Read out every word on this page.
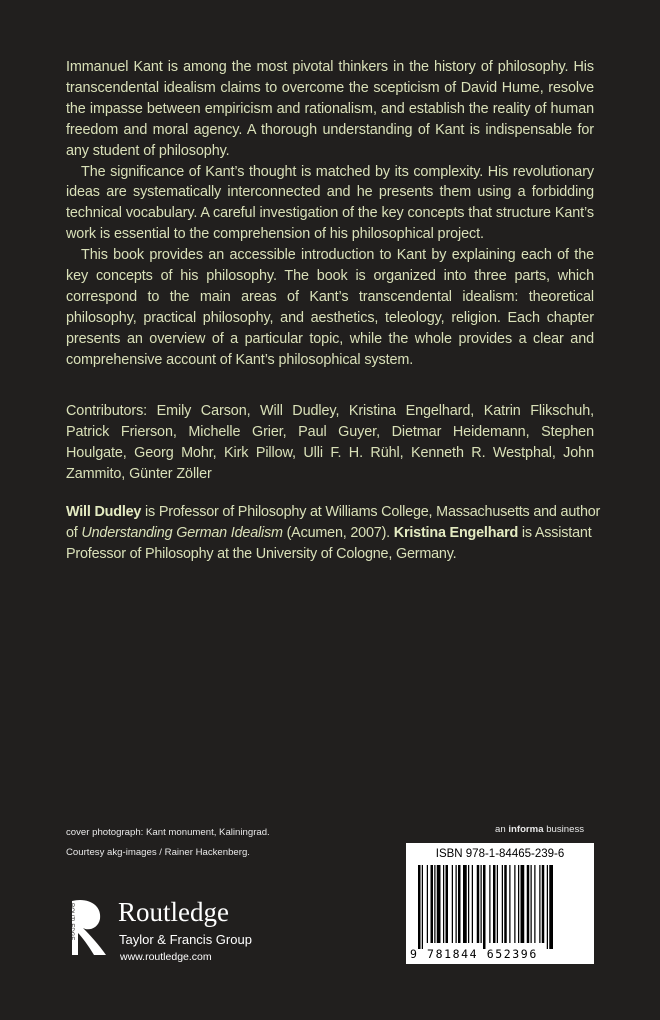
Immanuel Kant is among the most pivotal thinkers in the history of philosophy. His transcendental idealism claims to overcome the scepticism of David Hume, resolve the impasse between empiricism and rationalism, and establish the reality of human freedom and moral agency. A thorough understanding of Kant is indispensable for any student of philosophy.

The significance of Kant’s thought is matched by its complexity. His revolutionary ideas are systematically interconnected and he presents them using a forbidding technical vocabulary. A careful investigation of the key concepts that structure Kant’s work is essential to the comprehension of his philosophical project.

This book provides an accessible introduction to Kant by explaining each of the key concepts of his philosophy. The book is organized into three parts, which correspond to the main areas of Kant’s transcendental idealism: theoretical philosophy, practical philosophy, and aesthetics, teleology, religion. Each chapter presents an overview of a particular topic, while the whole provides a clear and comprehensive account of Kant’s philosophical system.

Contributors: Emily Carson, Will Dudley, Kristina Engelhard, Katrin Flikschuh, Patrick Frierson, Michelle Grier, Paul Guyer, Dietmar Heidemann, Stephen Houlgate, Georg Mohr, Kirk Pillow, Ulli F. H. Rühl, Kenneth R. Westphal, John Zammito, Günter Zöller

Will Dudley is Professor of Philosophy at Williams College, Massachusetts and author of Understanding German Idealism (Acumen, 2007). Kristina Engelhard is Assistant Professor of Philosophy at the University of Cologne, Germany.

cover photograph: Kant monument, Kaliningrad.
Courtesy akg-images / Rainer Hackenberg.
an informa business
ISBN 978-1-84465-239-6
9 781844 652396
ROUTLEDGE Routledge
Taylor & Francis Group
www.routledge.com
